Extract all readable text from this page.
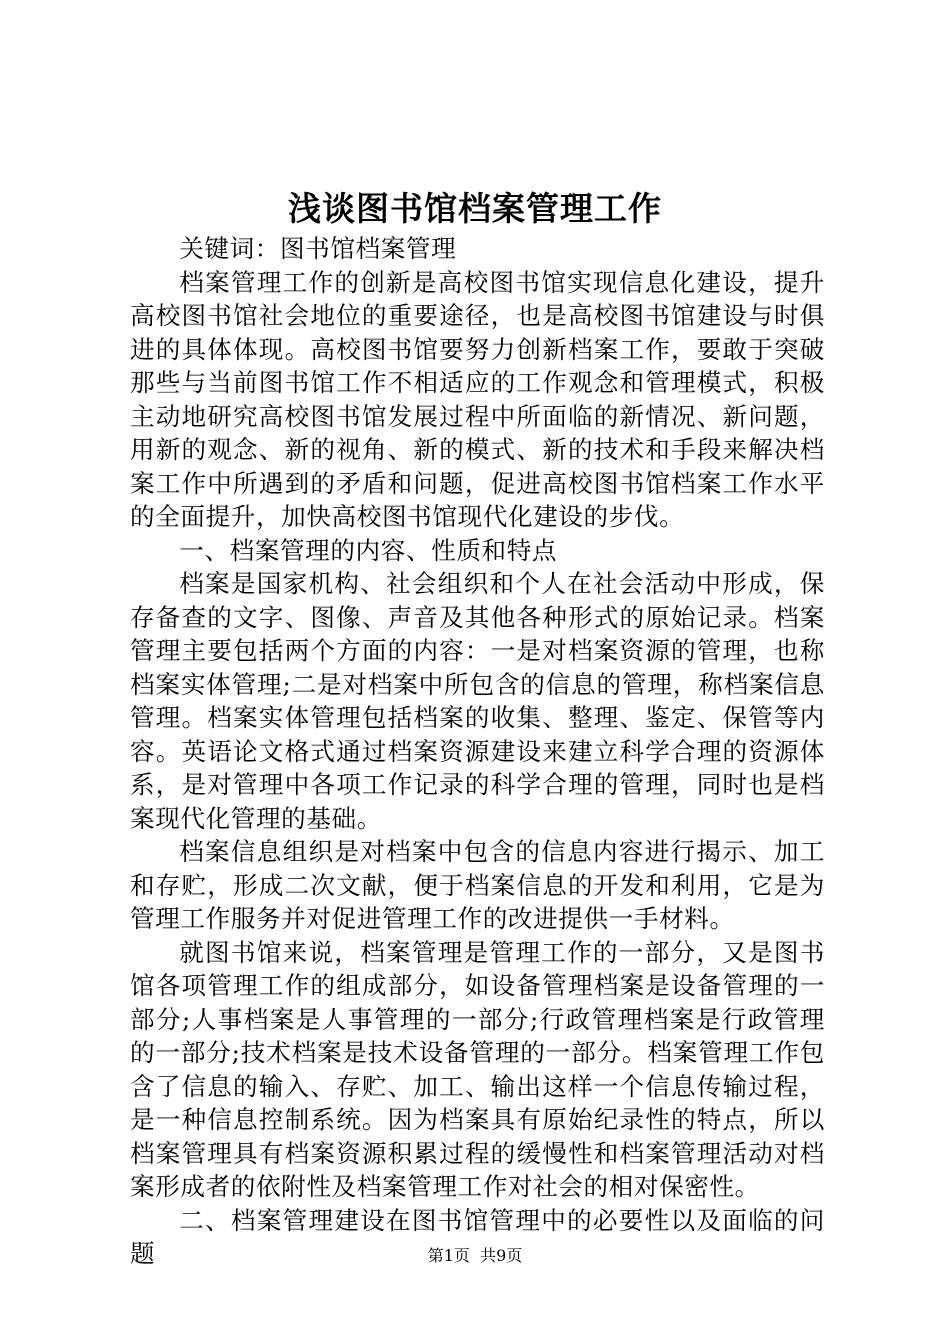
浅谈图书馆档案管理工作

关键词：图书馆档案管理

档案管理工作的创新是高校图书馆实现信息化建设，提升高校图书馆社会地位的重要途径，也是高校图书馆建设与时俱进的具体体现。高校图书馆要努力创新档案工作，要敢于突破那些与当前图书馆工作不相适应的工作观念和管理模式，积极主动地研究高校图书馆发展过程中所面临的新情况、新问题，用新的观念、新的视角、新的模式、新的技术和手段来解决档案工作中所遇到的矛盾和问题，促进高校图书馆档案工作水平的全面提升，加快高校图书馆现代化建设的步伐。

一、档案管理的内容、性质和特点

档案是国家机构、社会组织和个人在社会活动中形成，保存备查的文字、图像、声音及其他各种形式的原始记录。档案管理主要包括两个方面的内容：一是对档案资源的管理，也称档案实体管理;二是对档案中所包含的信息的管理，称档案信息管理。档案实体管理包括档案的收集、整理、鉴定、保管等内容。英语论文格式通过档案资源建设来建立科学合理的资源体系，是对管理中各项工作记录的科学合理的管理，同时也是档案现代化管理的基础。

档案信息组织是对档案中包含的信息内容进行揭示、加工和存贮，形成二次文献，便于档案信息的开发和利用，它是为管理工作服务并对促进管理工作的改进提供一手材料。

就图书馆来说，档案管理是管理工作的一部分，又是图书馆各项管理工作的组成部分，如设备管理档案是设备管理的一部分;人事档案是人事管理的一部分;行政管理档案是行政管理的一部分;技术档案是技术设备管理的一部分。档案管理工作包含了信息的输入、存贮、加工、输出这样一个信息传输过程，是一种信息控制系统。因为档案具有原始纪录性的特点，所以档案管理具有档案资源积累过程的缓慢性和档案管理活动对档案形成者的依附性及档案管理工作对社会的相对保密性。

二、档案管理建设在图书馆管理中的必要性以及面临的问题	第1页 共9页
